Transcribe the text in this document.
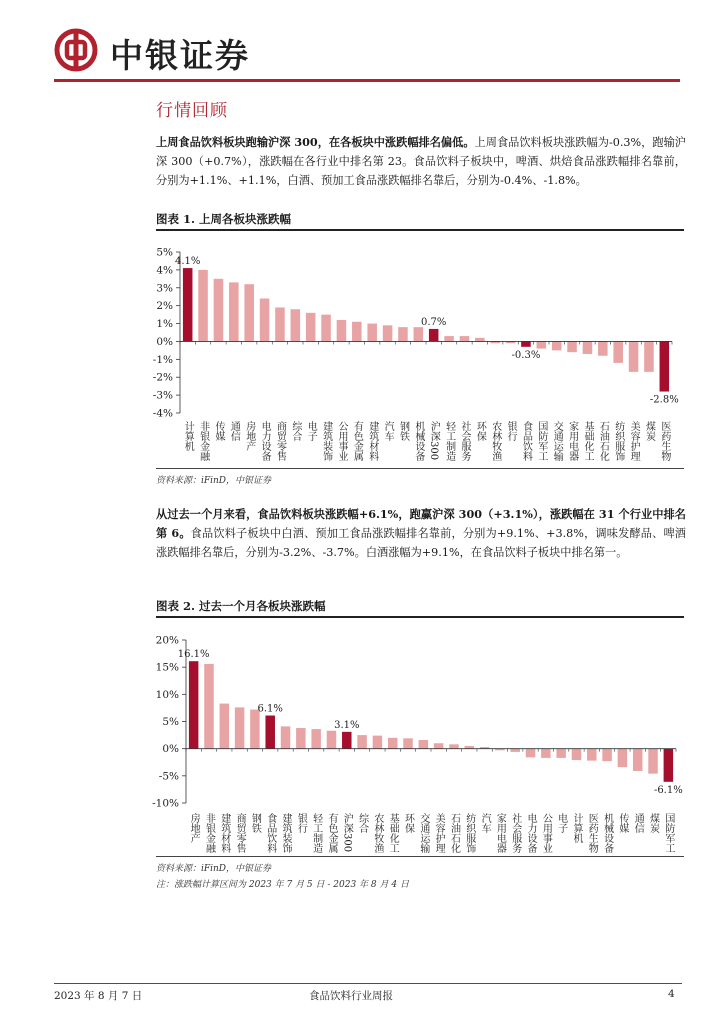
中银证券
行情回顾
上周食品饮料板块跑输沪深 300，在各板块中涨跌幅排名偏低。上周食品饮料板块涨跌幅为-0.3%，跑输沪深 300（+0.7%），涨跌幅在各行业中排名第 23。食品饮料子板块中，啤酒、烘焙食品涨跌幅排名靠前，分别为+1.1%、+1.1%，白酒、预加工食品涨跌幅排名靠后，分别为-0.4%、-1.8%。
图表 1. 上周各板块涨跌幅
-4%
-3%
-2%
-1%
0%
1%
2%
3%
4%
5%
计算机 非银金融 传媒 通信 房地产 电力设备 商贸零售 综合 电子 建筑装饰 公用事业 有色金属 建筑材料 汽车 钢铁 机械设备 沪深300 轻工制造 社会服务 环保 农林牧渔 银行 食品饮料 国防军工 交通运输 家用电器 基础化工 石油石化 纺织服饰 美容护理 煤炭 医药生物
4.1%
0.7%
-0.3%
-2.8%
资料来源：iFinD，中银证券
从过去一个月来看，食品饮料板块涨跌幅+6.1%，跑赢沪深 300（+3.1%），涨跌幅在 31 个行业中排名第 6。食品饮料子板块中白酒、预加工食品涨跌幅排名靠前，分别为+9.1%、+3.8%，调味发酵品、啤酒涨跌幅排名靠后，分别为-3.2%、-3.7%。白酒涨幅为+9.1%，在食品饮料子板块中排名第一。
图表 2. 过去一个月各板块涨跌幅
-10%
-5%
0%
5%
10%
15%
20%
房地产 非银金融 建筑材料 商贸零售 钢铁 食品饮料 建筑装饰 银行 轻工制造 有色金属 沪深300 综合 农林牧渔 基础化工 环保 交通运输 美容护理 石油石化 纺织服饰 汽车 家用电器 社会服务 电力设备 公用事业 电子 计算机 医药生物 机械设备 传媒 通信 煤炭 国防军工
16.1%
6.1%
3.1%
-6.1%
资料来源：iFinD，中银证券
注：涨跌幅计算区间为 2023 年 7 月 5 日 - 2023 年 8 月 4 日
2023 年 8 月 7 日	食品饮料行业周报	4
